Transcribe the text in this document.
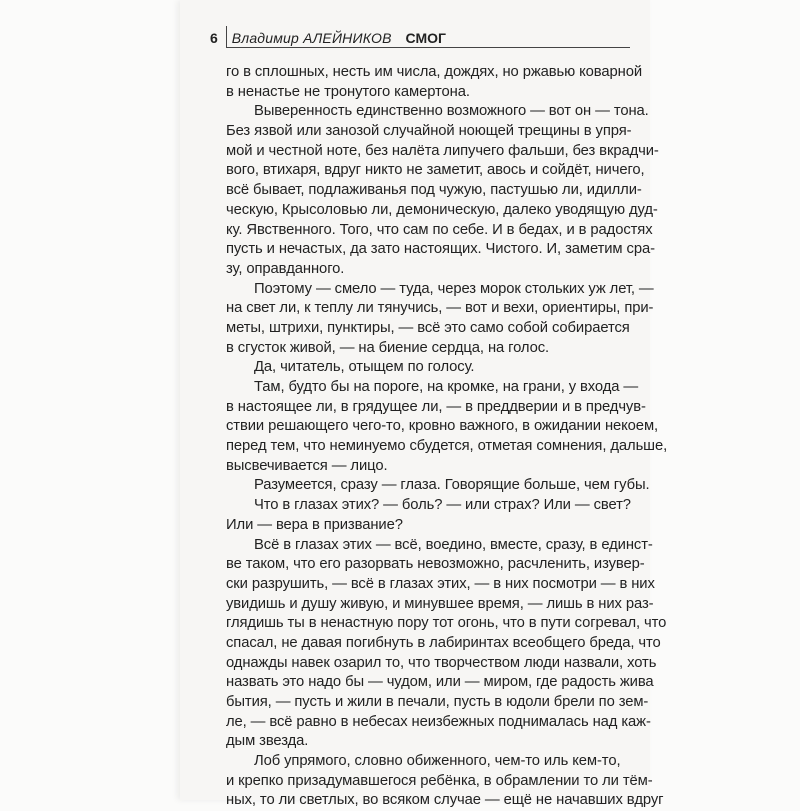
6 Владимир АЛЕЙНИКОВ СМОГ
го в сплошных, несть им числа, дождях, но ржавью коварной
в ненастье не тронутого камертона.
Выверенность единственно возможного — вот он — тона.
Без язвой или занозой случайной ноющей трещины в упря-
мой и честной ноте, без налёта липучего фальши, без вкрадчи-
вого, втихаря, вдруг никто не заметит, авось и сойдёт, ничего,
всё бывает, подлаживанья под чужую, пастушью ли, идилли-
ческую, Крысоловью ли, демоническую, далеко уводящую дуд-
ку. Явственного. Того, что сам по себе. И в бедах, и в радостях
пусть и нечастых, да зато настоящих. Чистого. И, заметим сра-
зу, оправданного.
Поэтому — смело — туда, через морок стольких уж лет, —
на свет ли, к теплу ли тянучись, — вот и вехи, ориентиры, при-
меты, штрихи, пунктиры, — всё это само собой собирается
в сгусток живой, — на биение сердца, на голос.
Да, читатель, отыщем по голосу.
Там, будто бы на пороге, на кромке, на грани, у входа —
в настоящее ли, в грядущее ли, — в преддверии и в предчув-
ствии решающего чего-то, кровно важного, в ожидании некоем,
перед тем, что неминуемо сбудется, отметая сомнения, дальше,
высвечивается — лицо.
Разумеется, сразу — глаза. Говорящие больше, чем губы.
Что в глазах этих? — боль? — или страх? Или — свет?
Или — вера в призвание?
Всё в глазах этих — всё, воедино, вместе, сразу, в единст-
ве таком, что его разорвать невозможно, расчленить, изувер-
ски разрушить, — всё в глазах этих, — в них посмотри — в них
увидишь и душу живую, и минувшее время, — лишь в них раз-
глядишь ты в ненастную пору тот огонь, что в пути согревал, что
спасал, не давая погибнуть в лабиринтах всеобщего бреда, что
однажды навек озарил то, что творчеством люди назвали, хоть
назвать это надо бы — чудом, или — миром, где радость жива
бытия, — пусть и жили в печали, пусть в юдоли брели по зем-
ле, — всё равно в небесах неизбежных поднималась над каж-
дым звезда.
Лоб упрямого, словно обиженного, чем-то иль кем-то,
и крепко призадумавшегося ребёнка, в обрамлении то ли тём-
ных, то ли светлых, во всяком случае — ещё не начавших вдруг
